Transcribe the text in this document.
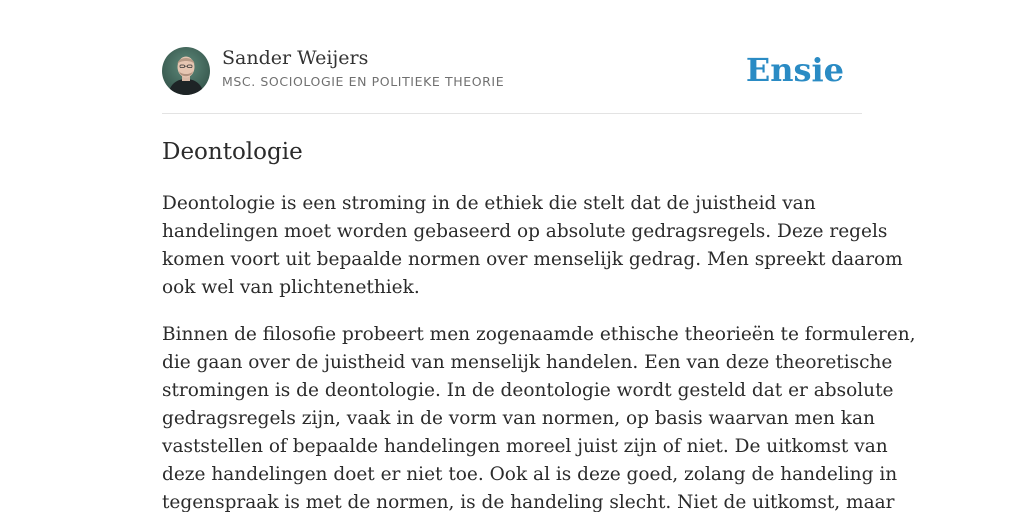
Sander Weijers
MSC. SOCIOLOGIE EN POLITIEKE THEORIE	Ensie
Deontologie

Deontologie is een stroming in de ethiek die stelt dat de juistheid van
handelingen moet worden gebaseerd op absolute gedragsregels. Deze regels
komen voort uit bepaalde normen over menselijk gedrag. Men spreekt daarom
ook wel van plichtenethiek.

Binnen de filosofie probeert men zogenaamde ethische theorieën te formuleren,
die gaan over de juistheid van menselijk handelen. Een van deze theoretische
stromingen is de deontologie. In de deontologie wordt gesteld dat er absolute
gedragsregels zijn, vaak in de vorm van normen, op basis waarvan men kan
vaststellen of bepaalde handelingen moreel juist zijn of niet. De uitkomst van
deze handelingen doet er niet toe. Ook al is deze goed, zolang de handeling in
tegenspraak is met de normen, is de handeling slecht. Niet de uitkomst, maar
